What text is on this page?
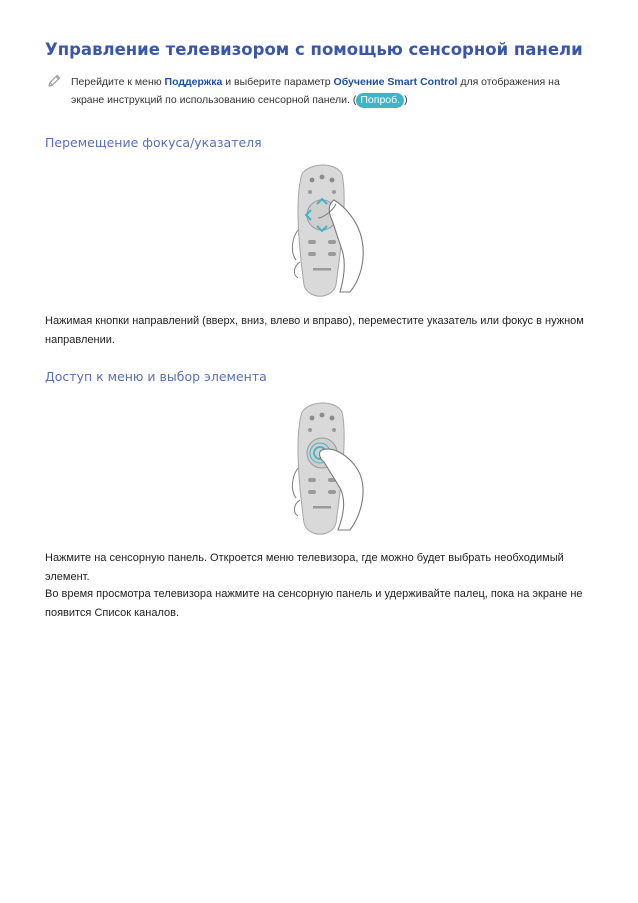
Управление телевизором с помощью сенсорной панели
Перейдите к меню Поддержка и выберите параметр Обучение Smart Control для отображения на экране инструкций по использованию сенсорной панели. ( Попроб. )
Перемещение фокуса/указателя

Нажимая кнопки направлений (вверх, вниз, влево и вправо), переместите указатель или фокус в нужном направлении.

Доступ к меню и выбор элемента

Нажмите на сенсорную панель. Откроется меню телевизора, где можно будет выбрать необходимый элемент.

Во время просмотра телевизора нажмите на сенсорную панель и удерживайте палец, пока на экране не появится Список каналов.
